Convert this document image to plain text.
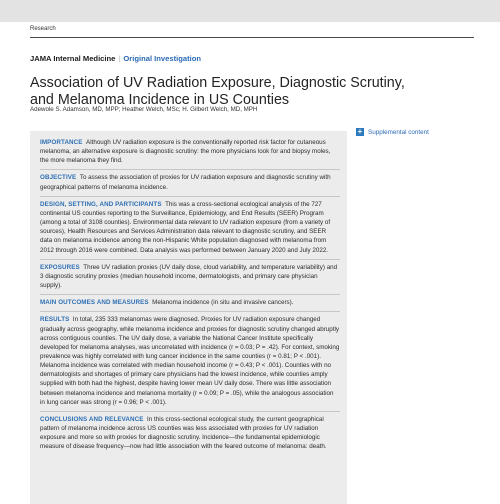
Research
JAMA Internal Medicine | Original Investigation
Association of UV Radiation Exposure, Diagnostic Scrutiny, and Melanoma Incidence in US Counties
Adewole S. Adamson, MD, MPP; Heather Welch, MSc; H. Gilbert Welch, MD, MPH
+ Supplemental content

IMPORTANCE Although UV radiation exposure is the conventionally reported risk factor for cutaneous melanoma, an alternative exposure is diagnostic scrutiny: the more physicians look for and biopsy moles, the more melanoma they find.

OBJECTIVE To assess the association of proxies for UV radiation exposure and diagnostic scrutiny with geographical patterns of melanoma incidence.

DESIGN, SETTING, AND PARTICIPANTS This was a cross-sectional ecological analysis of the 727 continental US counties reporting to the Surveillance, Epidemiology, and End Results (SEER) Program (among a total of 3108 counties). Environmental data relevant to UV radiation exposure (from a variety of sources), Health Resources and Services Administration data relevant to diagnostic scrutiny, and SEER data on melanoma incidence among the non-Hispanic White population diagnosed with melanoma from 2012 through 2016 were combined. Data analysis was performed between January 2020 and July 2022.

EXPOSURES Three UV radiation proxies (UV daily dose, cloud variability, and temperature variability) and 3 diagnostic scrutiny proxies (median household income, dermatologists, and primary care physician supply).

MAIN OUTCOMES AND MEASURES Melanoma incidence (in situ and invasive cancers).

RESULTS In total, 235 333 melanomas were diagnosed. Proxies for UV radiation exposure changed gradually across geography, while melanoma incidence and proxies for diagnostic scrutiny changed abruptly across contiguous counties. The UV daily dose, a variable the National Cancer Institute specifically developed for melanoma analyses, was uncorrelated with incidence (r = 0.03; P = .42). For context, smoking prevalence was highly correlated with lung cancer incidence in the same counties (r = 0.81; P < .001). Melanoma incidence was correlated with median household income (r = 0.43; P < .001). Counties with no dermatologists and shortages of primary care physicians had the lowest incidence, while counties amply supplied with both had the highest, despite having lower mean UV daily dose. There was little association between melanoma incidence and melanoma mortality (r = 0.09; P = .05), while the analogous association in lung cancer was strong (r = 0.96; P < .001).

CONCLUSIONS AND RELEVANCE In this cross-sectional ecological study, the current geographical pattern of melanoma incidence across US counties was less associated with proxies for UV radiation exposure and more so with proxies for diagnostic scrutiny. Incidence—the fundamental epidemiologic measure of disease frequency—now had little association with the feared outcome of melanoma: death.
